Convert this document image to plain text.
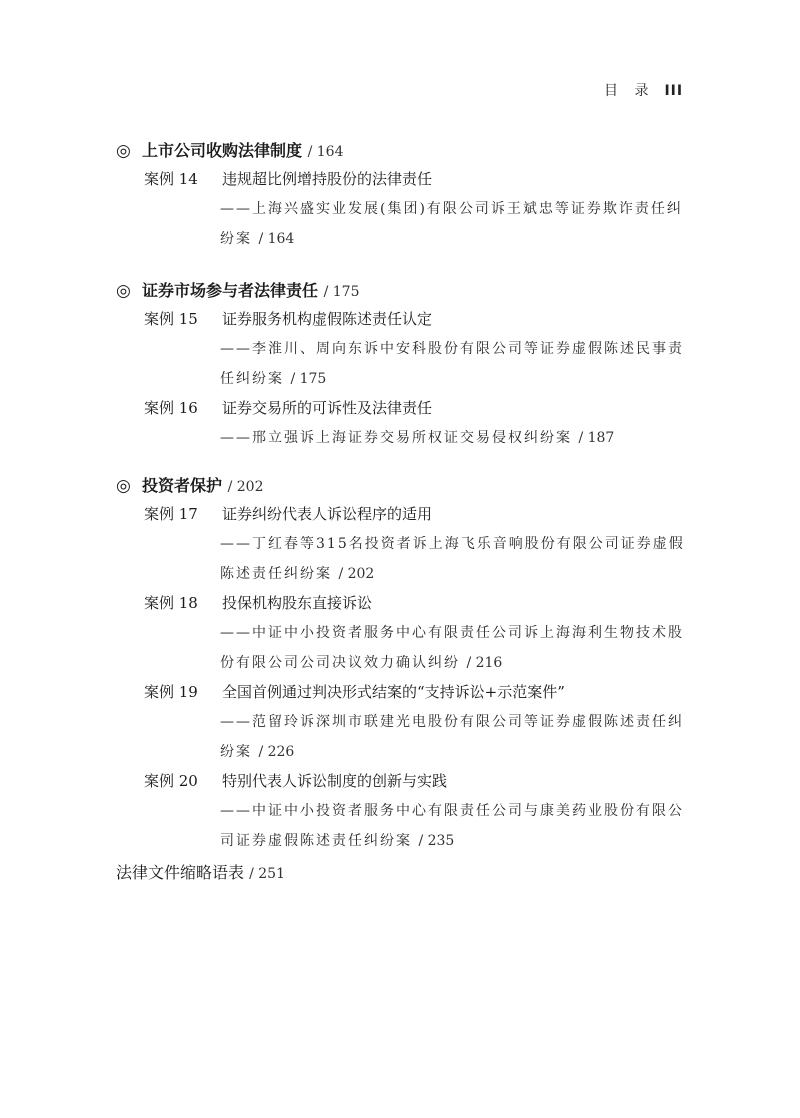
目 录 III
◎ 上市公司收购法律制度 / 164
案例 14 违规超比例增持股份的法律责任
——上海兴盛实业发展(集团)有限公司诉王斌忠等证券欺诈责任纠纷案 / 164
◎ 证券市场参与者法律责任 / 175
案例 15 证券服务机构虚假陈述责任认定
——李淮川、周向东诉中安科股份有限公司等证券虚假陈述民事责任纠纷案 / 175
案例 16 证券交易所的可诉性及法律责任
——邢立强诉上海证券交易所权证交易侵权纠纷案 / 187
◎ 投资者保护 / 202
案例 17 证券纠纷代表人诉讼程序的适用
——丁红春等315名投资者诉上海飞乐音响股份有限公司证券虚假陈述责任纠纷案 / 202
案例 18 投保机构股东直接诉讼
——中证中小投资者服务中心有限责任公司诉上海海利生物技术股份有限公司公司决议效力确认纠纷 / 216
案例 19 全国首例通过判决形式结案的“支持诉讼+示范案件”
——范留玲诉深圳市联建光电股份有限公司等证券虚假陈述责任纠纷案 / 226
案例 20 特别代表人诉讼制度的创新与实践
——中证中小投资者服务中心有限责任公司与康美药业股份有限公司证券虚假陈述责任纠纷案 / 235
法律文件缩略语表 / 251
